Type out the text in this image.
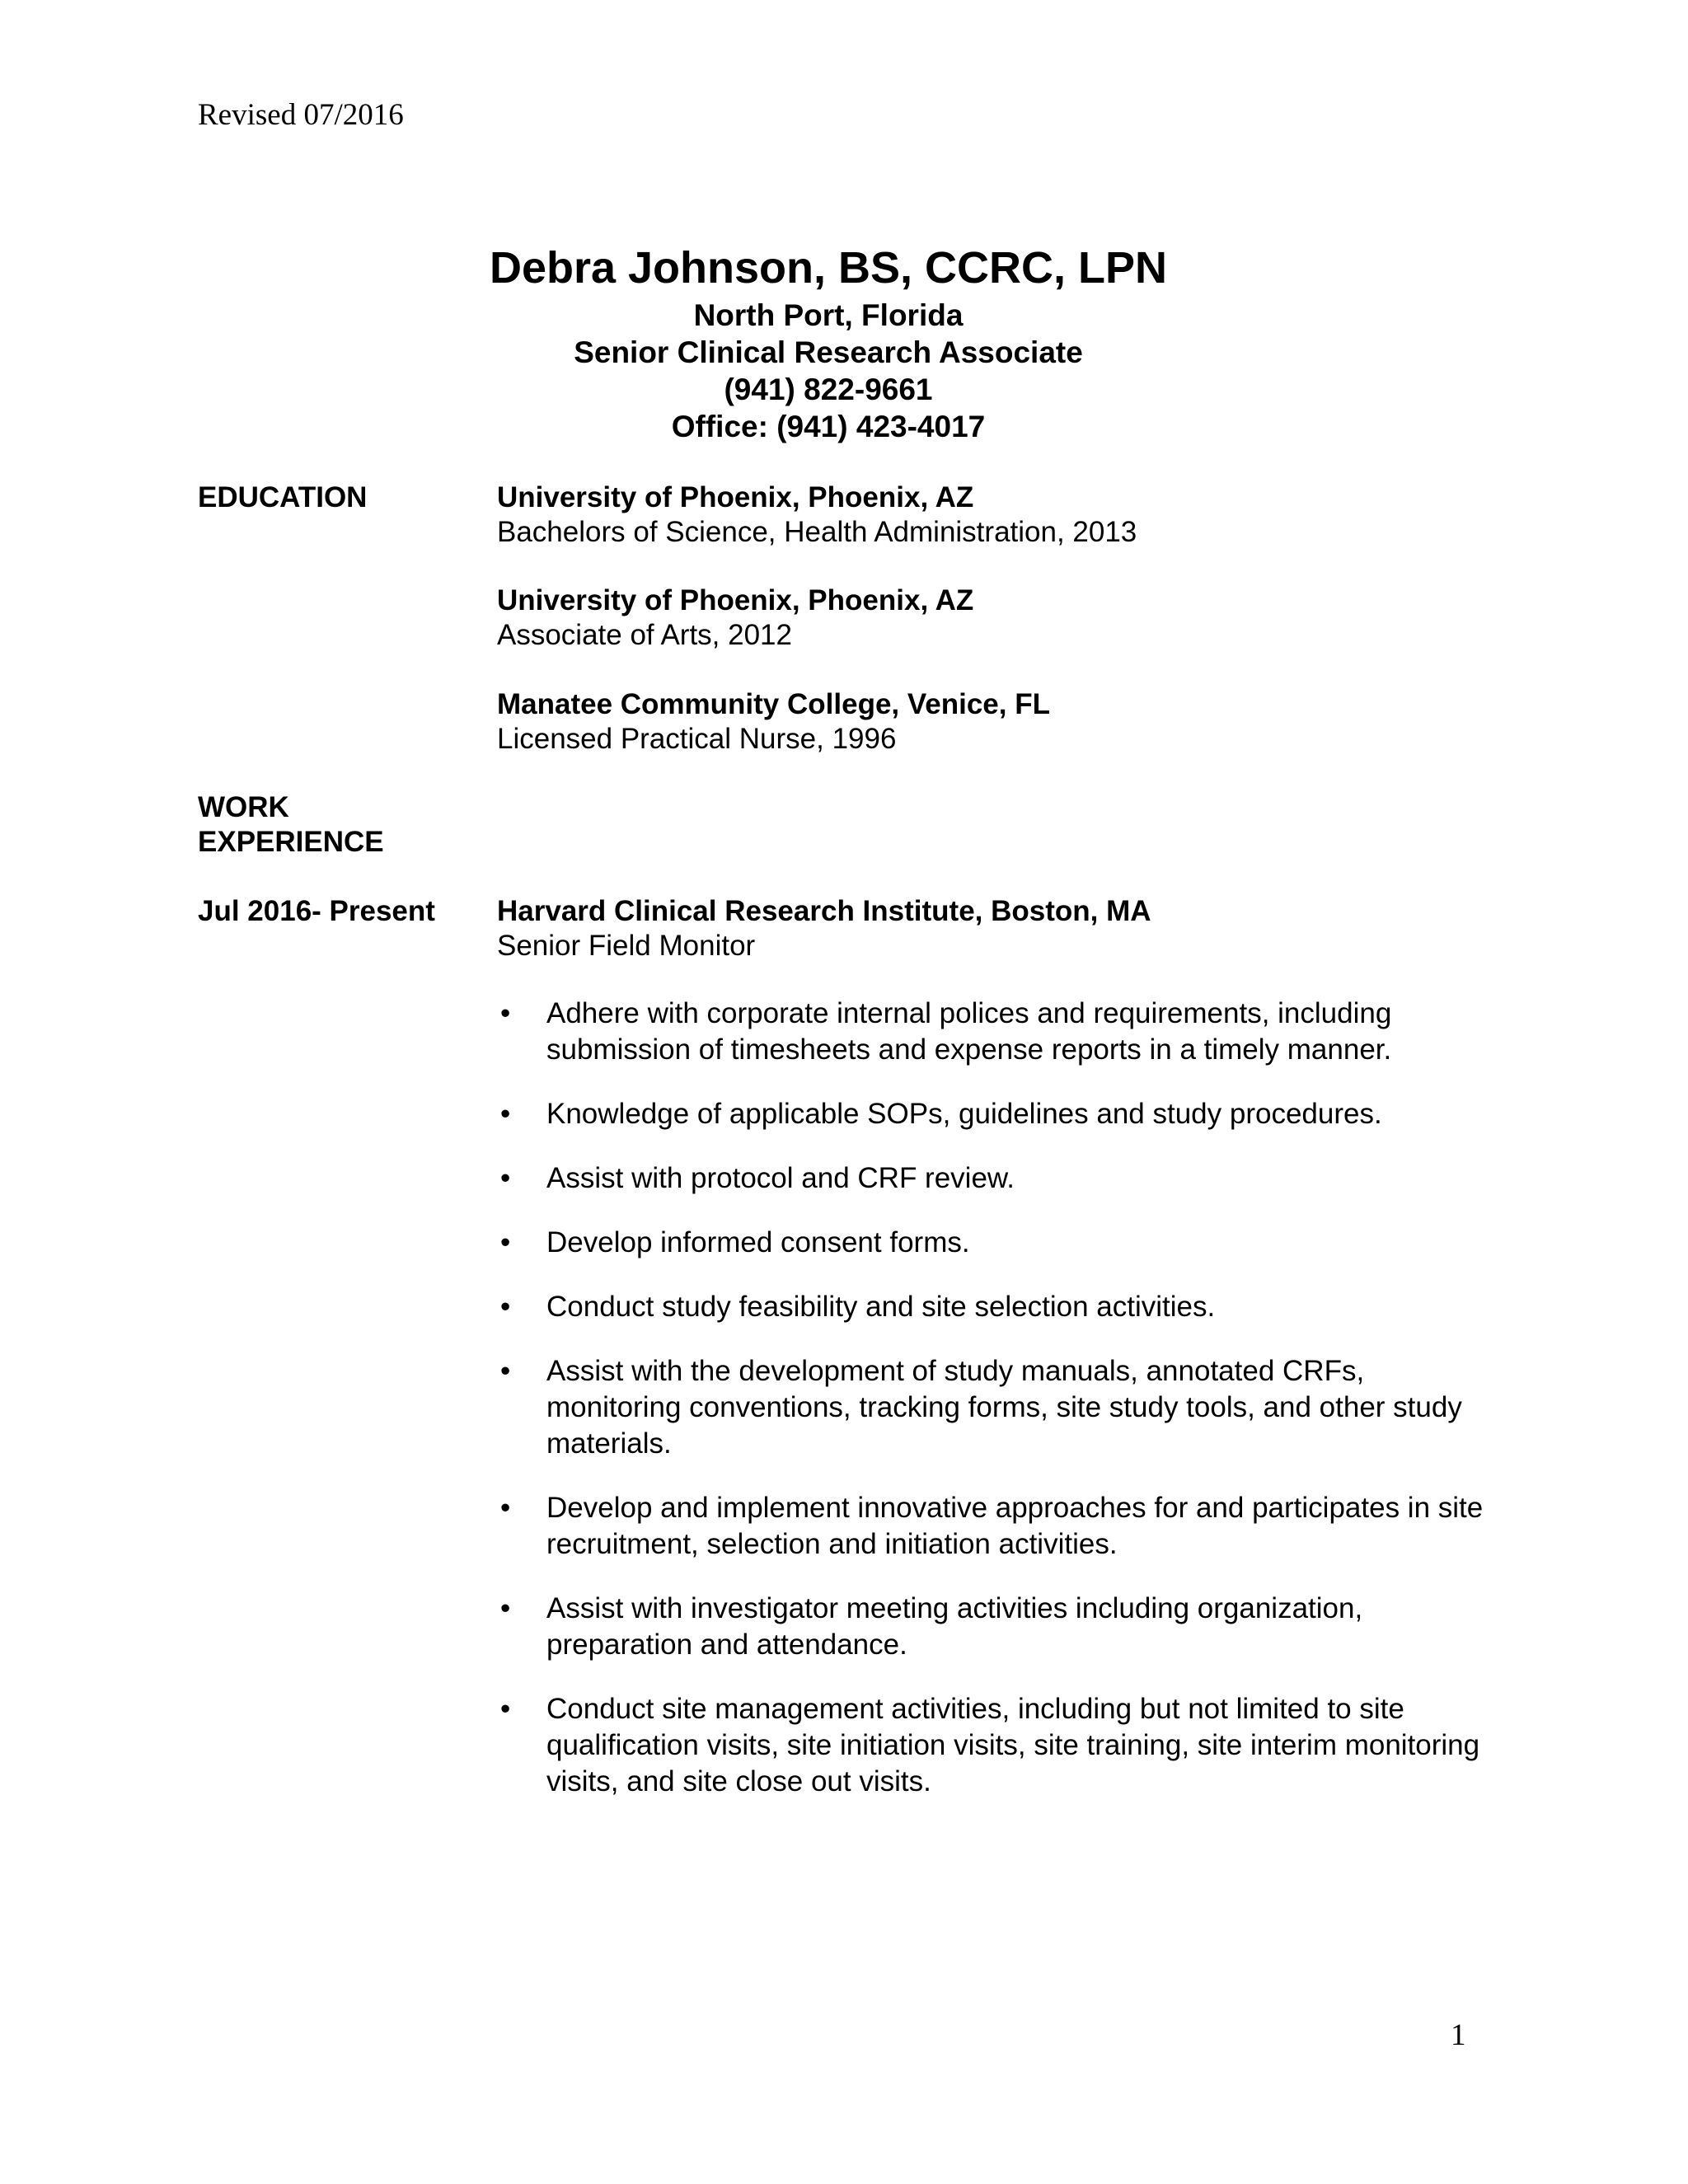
Revised 07/2016
Debra Johnson, BS, CCRC, LPN
North Port, Florida
Senior Clinical Research Associate
(941) 822-9661
Office: (941) 423-4017
EDUCATION	University of Phoenix, Phoenix, AZ
Bachelors of Science, Health Administration, 2013
University of Phoenix, Phoenix, AZ
Associate of Arts, 2012
Manatee Community College, Venice, FL
Licensed Practical Nurse, 1996
WORK
EXPERIENCE
Jul 2016- Present Harvard Clinical Research Institute, Boston, MA
Senior Field Monitor
• Adhere with corporate internal polices and requirements, including submission of timesheets and expense reports in a timely manner.
• Knowledge of applicable SOPs, guidelines and study procedures.
• Assist with protocol and CRF review.
• Develop informed consent forms.
• Conduct study feasibility and site selection activities.
• Assist with the development of study manuals, annotated CRFs, monitoring conventions, tracking forms, site study tools, and other study materials.
• Develop and implement innovative approaches for and participates in site recruitment, selection and initiation activities.
• Assist with investigator meeting activities including organization, preparation and attendance.
• Conduct site management activities, including but not limited to site qualification visits, site initiation visits, site training, site interim monitoring visits, and site close out visits.
1
